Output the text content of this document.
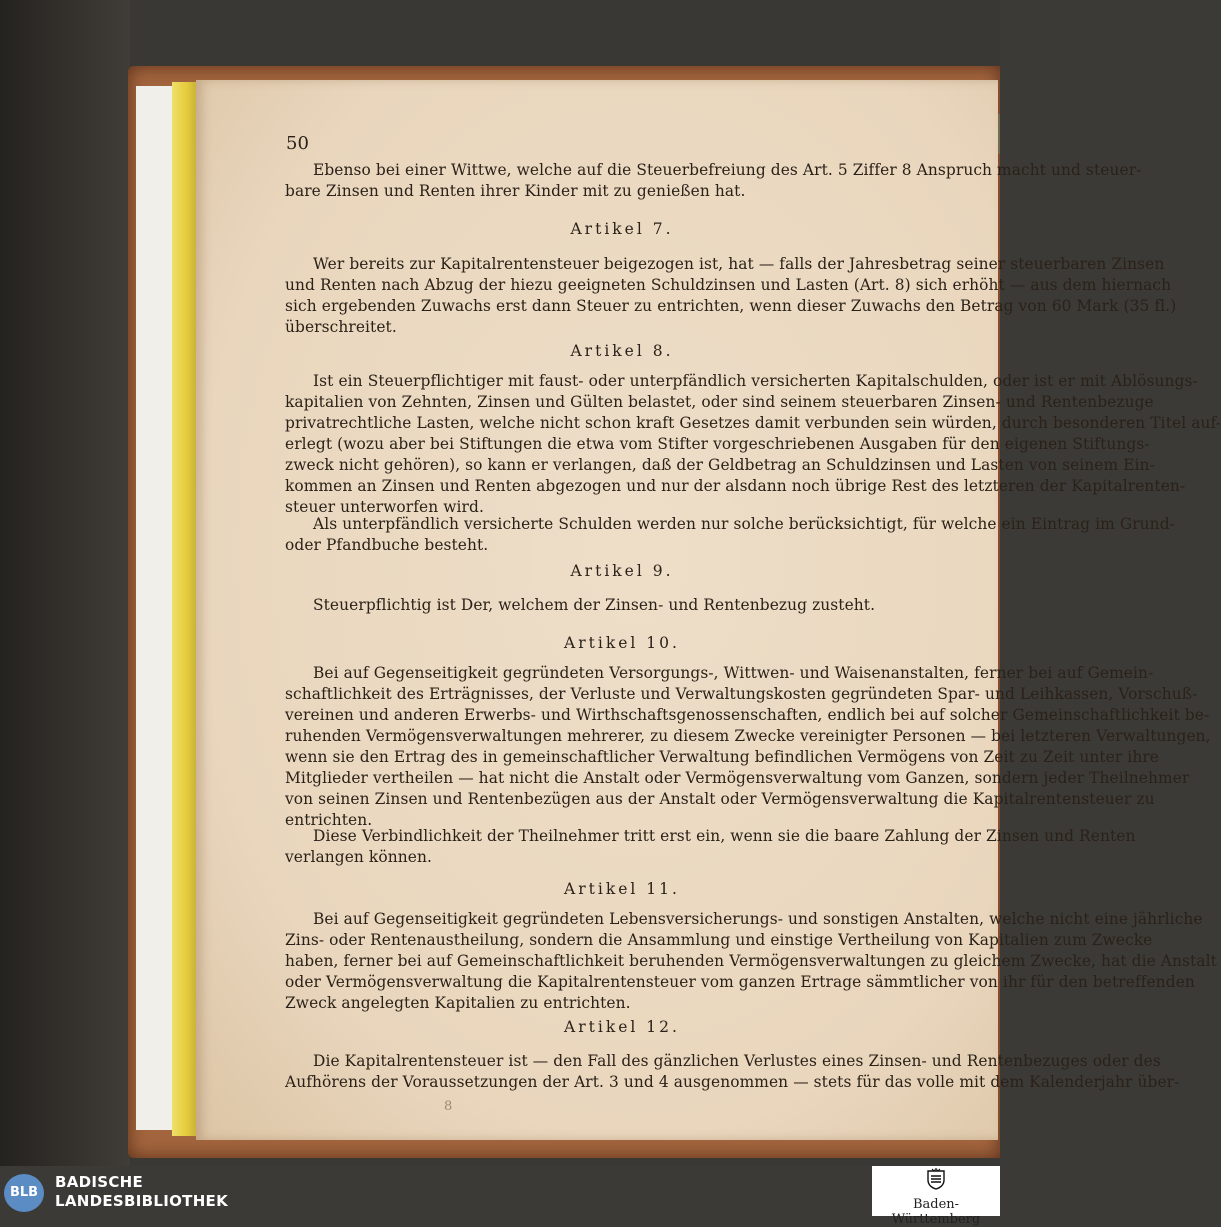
50
Ebenso bei einer Wittwe, welche auf die Steuerbefreiung des Art. 5 Ziffer 8 Anspruch macht und steuer-
bare Zinsen und Renten ihrer Kinder mit zu genießen hat.
Artikel 7.
Wer bereits zur Kapitalrentensteuer beigezogen ist, hat — falls der Jahresbetrag seiner steuerbaren Zinsen
und Renten nach Abzug der hiezu geeigneten Schuldzinsen und Lasten (Art. 8) sich erhöht — aus dem hiernach
sich ergebenden Zuwachs erst dann Steuer zu entrichten, wenn dieser Zuwachs den Betrag von 60 Mark (35 fl.)
überschreitet.
Artikel 8.
Ist ein Steuerpflichtiger mit faust- oder unterpfändlich versicherten Kapitalschulden, oder ist er mit Ablösungs-
kapitalien von Zehnten, Zinsen und Gülten belastet, oder sind seinem steuerbaren Zinsen- und Rentenbezuge
privatrechtliche Lasten, welche nicht schon kraft Gesetzes damit verbunden sein würden, durch besonderen Titel auf-
erlegt (wozu aber bei Stiftungen die etwa vom Stifter vorgeschriebenen Ausgaben für den eigenen Stiftungs-
zweck nicht gehören), so kann er verlangen, daß der Geldbetrag an Schuldzinsen und Lasten von seinem Ein-
kommen an Zinsen und Renten abgezogen und nur der alsdann noch übrige Rest des letzteren der Kapitalrenten-
steuer unterworfen wird.
Als unterpfändlich versicherte Schulden werden nur solche berücksichtigt, für welche ein Eintrag im Grund-
oder Pfandbuche besteht.
Artikel 9.
Steuerpflichtig ist Der, welchem der Zinsen- und Rentenbezug zusteht.
Artikel 10.
Bei auf Gegenseitigkeit gegründeten Versorgungs-, Wittwen- und Waisenanstalten, ferner bei auf Gemein-
schaftlichkeit des Erträgnisses, der Verluste und Verwaltungskosten gegründeten Spar- und Leihkassen, Vorschuß-
vereinen und anderen Erwerbs- und Wirthschaftsgenossenschaften, endlich bei auf solcher Gemeinschaftlichkeit be-
ruhenden Vermögensverwaltungen mehrerer, zu diesem Zwecke vereinigter Personen — bei letzteren Verwaltungen,
wenn sie den Ertrag des in gemeinschaftlicher Verwaltung befindlichen Vermögens von Zeit zu Zeit unter ihre
Mitglieder vertheilen — hat nicht die Anstalt oder Vermögensverwaltung vom Ganzen, sondern jeder Theilnehmer
von seinen Zinsen und Rentenbezügen aus der Anstalt oder Vermögensverwaltung die Kapitalrentensteuer zu
entrichten.
Diese Verbindlichkeit der Theilnehmer tritt erst ein, wenn sie die baare Zahlung der Zinsen und Renten
verlangen können.
Artikel 11.
Bei auf Gegenseitigkeit gegründeten Lebensversicherungs- und sonstigen Anstalten, welche nicht eine jährliche
Zins- oder Rentenaustheilung, sondern die Ansammlung und einstige Vertheilung von Kapitalien zum Zwecke
haben, ferner bei auf Gemeinschaftlichkeit beruhenden Vermögensverwaltungen zu gleichem Zwecke, hat die Anstalt
oder Vermögensverwaltung die Kapitalrentensteuer vom ganzen Ertrage sämmtlicher von ihr für den betreffenden
Zweck angelegten Kapitalien zu entrichten.
Artikel 12.
Die Kapitalrentensteuer ist — den Fall des gänzlichen Verlustes eines Zinsen- und Rentenbezuges oder des
Aufhörens der Voraussetzungen der Art. 3 und 4 ausgenommen — stets für das volle mit dem Kalenderjahr über-
8
BLB
BADISCHE
LANDESBIBLIOTHEK	Baden-Württemberg
